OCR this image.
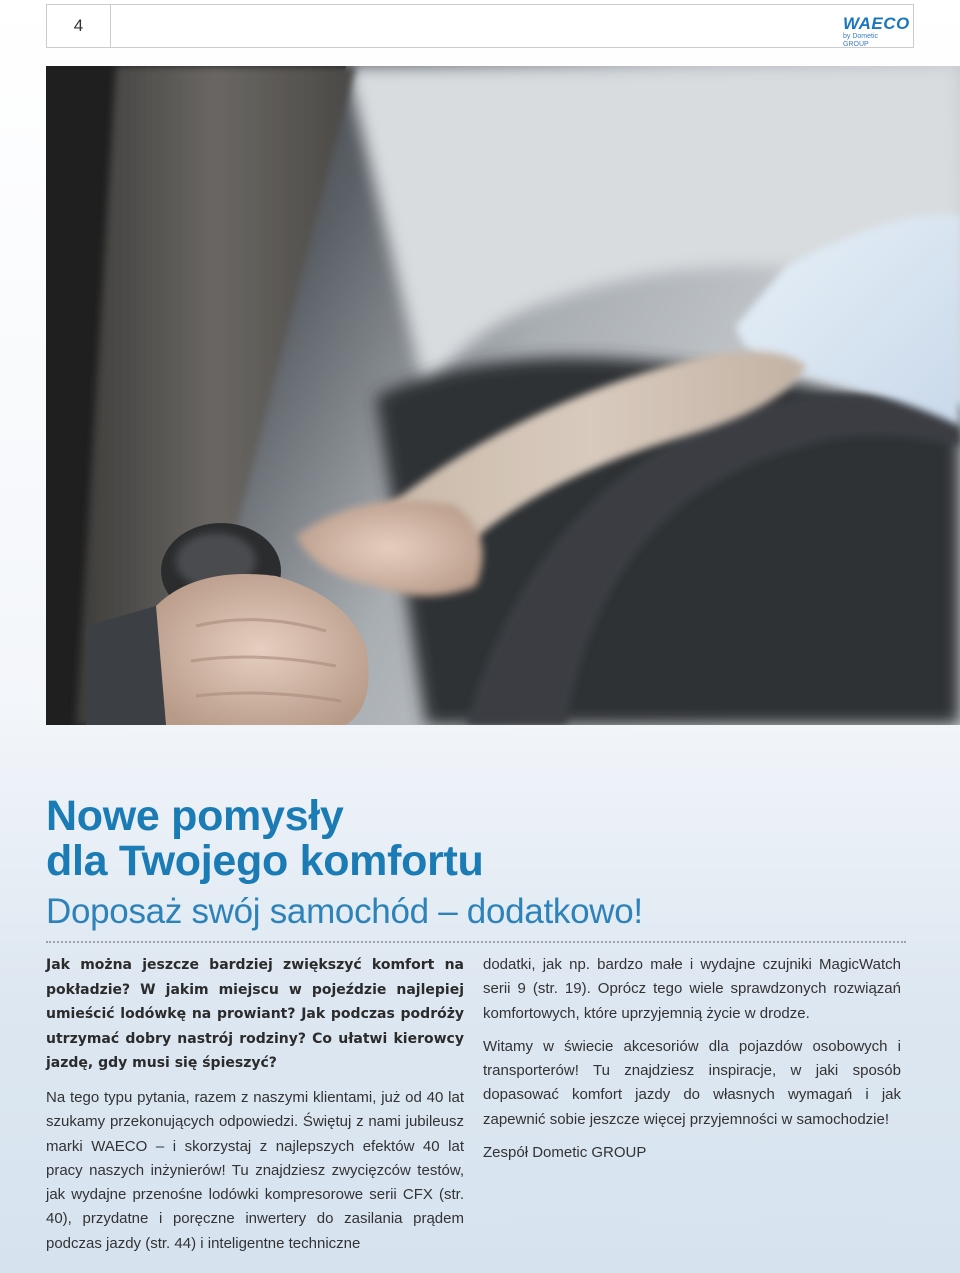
4	WAECO
by Dometic GROUP
Nowe pomysły
dla Twojego komfortu
Doposaż swój samochód – dodatkowo!

Jak można jeszcze bardziej zwiększyć komfort na pokładzie? W jakim miejscu w pojeździe najlepiej umieścić lodówkę na prowiant? Jak podczas podróży utrzymać dobry nastrój rodziny? Co ułatwi kierowcy jazdę, gdy musi się śpieszyć?

Na tego typu pytania, razem z naszymi klientami, już od 40 lat szukamy przekonujących odpowiedzi. Świętuj z nami jubileusz marki WAECO – i skorzystaj z najlepszych efektów 40 lat pracy naszych inżynierów! Tu znajdziesz zwycięzców testów, jak wydajne przenośne lodówki kompresorowe serii CFX (str. 40), przydatne i poręczne inwertery do zasilania prądem podczas jazdy (str. 44) i inteligentne techniczne

dodatki, jak np. bardzo małe i wydajne czujniki MagicWatch serii 9 (str. 19). Oprócz tego wiele sprawdzonych rozwiązań komfortowych, które uprzyjemnią życie w drodze.

Witamy w świecie akcesoriów dla pojazdów osobowych i transporterów! Tu znajdziesz inspiracje, w jaki sposób dopasować komfort jazdy do własnych wymagań i jak zapewnić sobie jeszcze więcej przyjemności w samochodzie!

Zespół Dometic GROUP
